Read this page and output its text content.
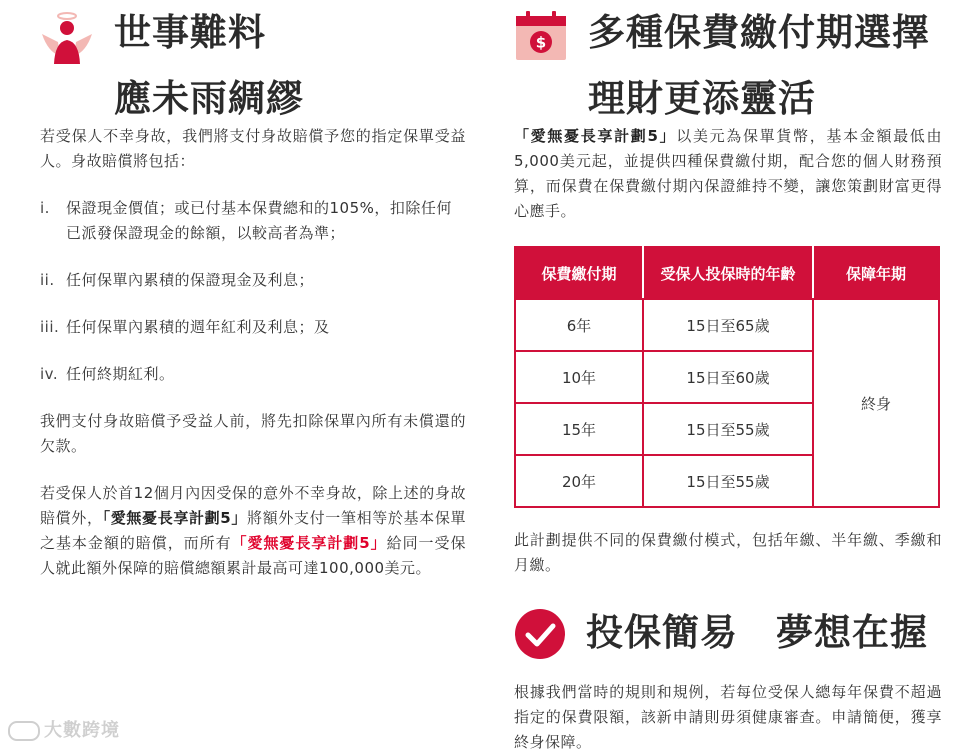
世事難料
應未雨綢繆

若受保人不幸身故，我們將支付身故賠償予您的指定保單受益人。身故賠償將包括：

i. 保證現金價值；或已付基本保費總和的105%，扣除任何已派發保證現金的餘額，以較高者為準；
ii. 任何保單內累積的保證現金及利息；
iii. 任何保單內累積的週年紅利及利息；及
iv. 任何終期紅利。

我們支付身故賠償予受益人前，將先扣除保單內所有未償還的欠款。

若受保人於首12個月內因受保的意外不幸身故，除上述的身故賠償外，「愛無憂長享計劃5」將額外支付一筆相等於基本保單之基本金額的賠償，而所有「愛無憂長享計劃5」給同一受保人就此額外保障的賠償總額累計最高可達100,000美元。

$ 多種保費繳付期選擇
理財更添靈活

「愛無憂長享計劃5」以美元為保單貨幣，基本金額最低由5,000美元起，並提供四種保費繳付期，配合您的個人財務預算，而保費在保費繳付期內保證維持不變，讓您策劃財富更得心應手。

保費繳付期	受保人投保時的年齡	保障年期
6年	15日至65歲	終身
10年	15日至60歲	
15年	15日至55歲	
20年	15日至55歲	

此計劃提供不同的保費繳付模式，包括年繳、半年繳、季繳和月繳。

投保簡易　夢想在握

根據我們當時的規則和規例，若每位受保人總每年保費不超過指定的保費限額，該新申請則毋須健康審查。申請簡便，獲享終身保障。

大數跨境
